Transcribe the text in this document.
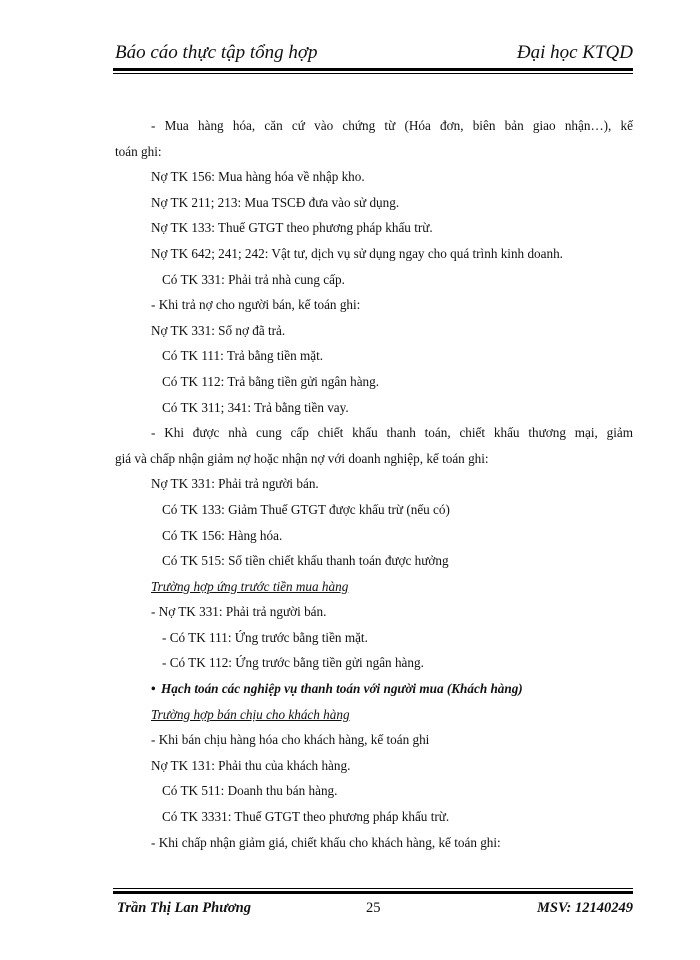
Báo cáo thực tập tổng hợp	Đại học KTQD
- Mua hàng hóa, căn cứ vào chứng từ (Hóa đơn, biên bản giao nhận…), kế
toán ghi:
Nợ TK 156: Mua hàng hóa về nhập kho.
Nợ TK 211; 213: Mua TSCĐ đưa vào sử dụng.
Nợ TK 133: Thuế GTGT theo phương pháp khấu trừ.
Nợ TK 642; 241; 242: Vật tư, dịch vụ sử dụng ngay cho quá trình kinh doanh.
Có TK 331: Phải trả nhà cung cấp.
- Khi trả nợ cho người bán, kế toán ghi:
Nợ TK 331: Số nợ đã trả.
Có TK 111: Trả bằng tiền mặt.
Có TK 112: Trả bằng tiền gửi ngân hàng.
Có TK 311; 341: Trả bằng tiền vay.
- Khi được nhà cung cấp chiết khấu thanh toán, chiết khấu thương mại, giảm
giá và chấp nhận giảm nợ hoặc nhận nợ với doanh nghiệp, kế toán ghi:
Nợ TK 331: Phải trả người bán.
Có TK 133: Giảm Thuế GTGT được khấu trừ (nếu có)
Có TK 156: Hàng hóa.
Có TK 515: Số tiền chiết khấu thanh toán được hưởng
Trường hợp ứng trước tiền mua hàng
- Nợ TK 331: Phải trả người bán.
- Có TK 111: Ứng trước bằng tiền mặt.
- Có TK 112: Ứng trước bằng tiền gửi ngân hàng.
• Hạch toán các nghiệp vụ thanh toán với người mua (Khách hàng)
Trường hợp bán chịu cho khách hàng
- Khi bán chịu hàng hóa cho khách hàng, kế toán ghi
Nợ TK 131: Phải thu của khách hàng.
Có TK 511: Doanh thu bán hàng.
Có TK 3331: Thuế GTGT theo phương pháp khấu trừ.
- Khi chấp nhận giảm giá, chiết khấu cho khách hàng, kế toán ghi:
Trần Thị Lan Phương	25	MSV: 12140249
